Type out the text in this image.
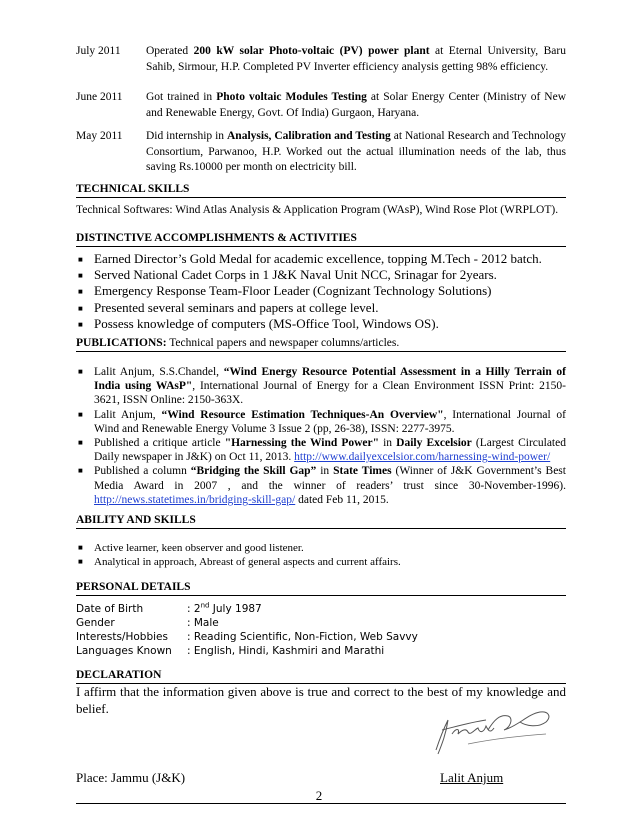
July 2011	Operated 200 kW solar Photo-voltaic (PV) power plant at Eternal University, Baru Sahib, Sirmour, H.P. Completed PV Inverter efficiency analysis getting 98% efficiency.
June 2011	Got trained in Photo voltaic Modules Testing at Solar Energy Center (Ministry of New and Renewable Energy, Govt. Of India) Gurgaon, Haryana.
May 2011	Did internship in Analysis, Calibration and Testing at National Research and Technology Consortium, Parwanoo, H.P. Worked out the actual illumination needs of the lab, thus saving Rs.10000 per month on electricity bill.
TECHNICAL SKILLS
Technical Softwares: Wind Atlas Analysis & Application Program (WAsP), Wind Rose Plot (WRPLOT).
DISTINCTIVE ACCOMPLISHMENTS & ACTIVITIES
■ Earned Director’s Gold Medal for academic excellence, topping M.Tech - 2012 batch.
■ Served National Cadet Corps in 1 J&K Naval Unit NCC, Srinagar for 2years.
■ Emergency Response Team-Floor Leader (Cognizant Technology Solutions)
■ Presented several seminars and papers at college level.
■ Possess knowledge of computers (MS-Office Tool, Windows OS).
PUBLICATIONS: Technical papers and newspaper columns/articles.
■ Lalit Anjum, S.S.Chandel, “Wind Energy Resource Potential Assessment in a Hilly Terrain of India using WAsP", International Journal of Energy for a Clean Environment ISSN Print: 2150-3621, ISSN Online: 2150-363X.
■ Lalit Anjum, “Wind Resource Estimation Techniques-An Overview", International Journal of Wind and Renewable Energy Volume 3 Issue 2 (pp, 26-38), ISSN: 2277-3975.
■ Published a critique article "Harnessing the Wind Power" in Daily Excelsior (Largest Circulated Daily newspaper in J&K) on Oct 11, 2013. http://www.dailyexcelsior.com/harnessing-wind-power/
■ Published a column “Bridging the Skill Gap” in State Times (Winner of J&K Government’s Best Media Award in 2007 , and the winner of readers’ trust since 30-November-1996). http://news.statetimes.in/bridging-skill-gap/ dated Feb 11, 2015.
ABILITY AND SKILLS
■ Active learner, keen observer and good listener.
■ Analytical in approach, Abreast of general aspects and current affairs.
PERSONAL DETAILS
Date of Birth	: 2nd July 1987
Gender	: Male
Interests/Hobbies : Reading Scientific, Non-Fiction, Web Savvy
Languages Known : English, Hindi, Kashmiri and Marathi
DECLARATION
I affirm that the information given above is true and correct to the best of my knowledge and belief.
Place: Jammu (J&K)	Lalit Anjum
2
